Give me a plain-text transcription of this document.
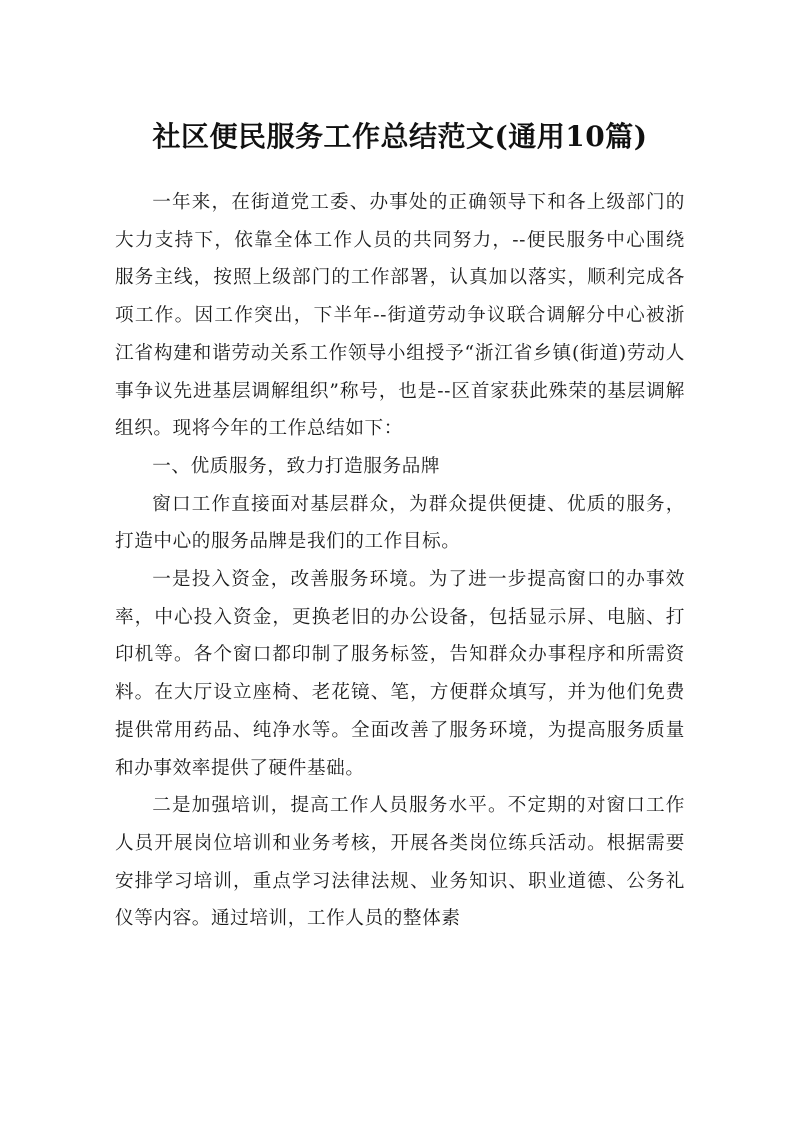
社区便民服务工作总结范文(通用10篇)

一年来，在街道党工委、办事处的正确领导下和各上级部门的大力支持下，依靠全体工作人员的共同努力，--便民服务中心围绕服务主线，按照上级部门的工作部署，认真加以落实，顺利完成各项工作。因工作突出，下半年--街道劳动争议联合调解分中心被浙江省构建和谐劳动关系工作领导小组授予“浙江省乡镇(街道)劳动人事争议先进基层调解组织”称号，也是--区首家获此殊荣的基层调解组织。现将今年的工作总结如下：

一、优质服务，致力打造服务品牌

窗口工作直接面对基层群众，为群众提供便捷、优质的服务，打造中心的服务品牌是我们的工作目标。

一是投入资金，改善服务环境。为了进一步提高窗口的办事效率，中心投入资金，更换老旧的办公设备，包括显示屏、电脑、打印机等。各个窗口都印制了服务标签，告知群众办事程序和所需资料。在大厅设立座椅、老花镜、笔，方便群众填写，并为他们免费提供常用药品、纯净水等。全面改善了服务环境，为提高服务质量和办事效率提供了硬件基础。

二是加强培训，提高工作人员服务水平。不定期的对窗口工作人员开展岗位培训和业务考核，开展各类岗位练兵活动。根据需要安排学习培训，重点学习法律法规、业务知识、职业道德、公务礼仪等内容。通过培训，工作人员的整体素
